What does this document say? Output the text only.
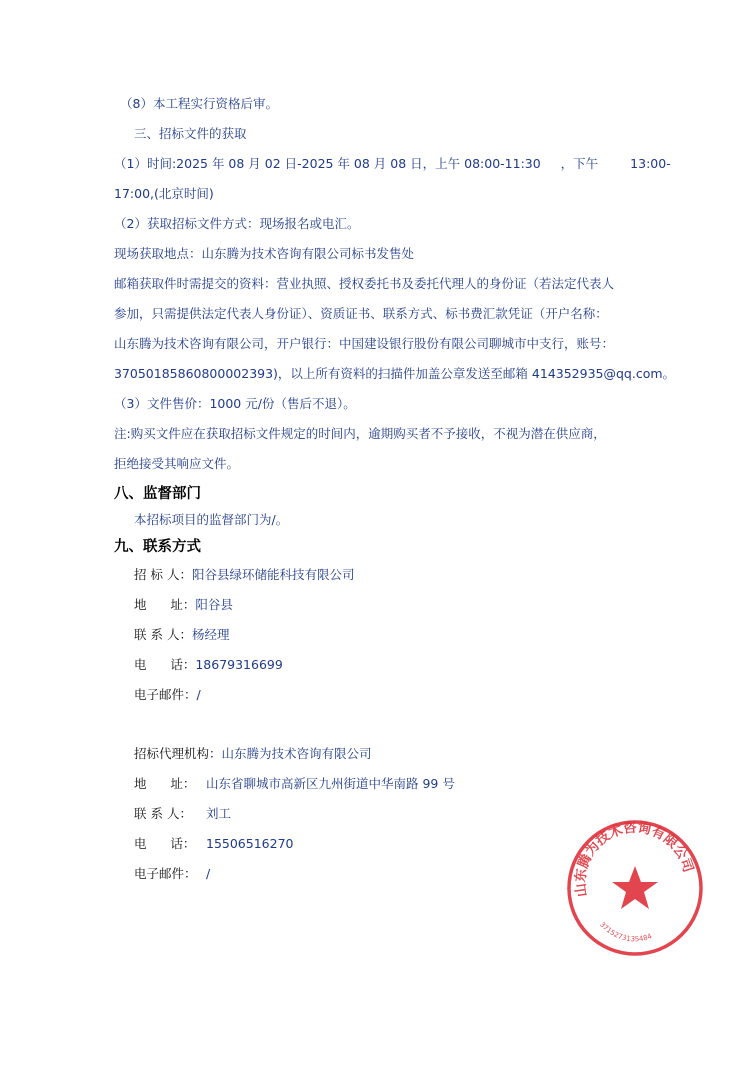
（8）本工程实行资格后审。
三、招标文件的获取
（1）时间:2025 年 08 月 02 日-2025 年 08 月 08 日，上午 08:00-11:30 ，下午	13:00-
17:00,(北京时间)
（2）获取招标文件方式：现场报名或电汇。
现场获取地点：山东腾为技术咨询有限公司标书发售处
邮箱获取件时需提交的资料：营业执照、授权委托书及委托代理人的身份证（若法定代表人
参加，只需提供法定代表人身份证）、资质证书、联系方式、标书费汇款凭证（开户名称：
山东腾为技术咨询有限公司，开户银行：中国建设银行股份有限公司聊城市中支行，账号：
37050185860800002393)，以上所有资料的扫描件加盖公章发送至邮箱 414352935@qq.com。
（3）文件售价：1000 元/份（售后不退）。
注:购买文件应在获取招标文件规定的时间内，逾期购买者不予接收，不视为潜在供应商，
拒绝接受其响应文件。
八、监督部门
本招标项目的监督部门为/。
九、联系方式
招 标 人：阳谷县绿环储能科技有限公司
地      址：阳谷县
联 系 人：杨经理
电      话：18679316699
电子邮件：/
招标代理机构：山东腾为技术咨询有限公司
地      址： 山东省聊城市高新区九州街道中华南路 99 号
联 系 人： 刘工
电      话： 15506516270
电子邮件： /
山东腾为技术咨询有限公司
3715273135484
